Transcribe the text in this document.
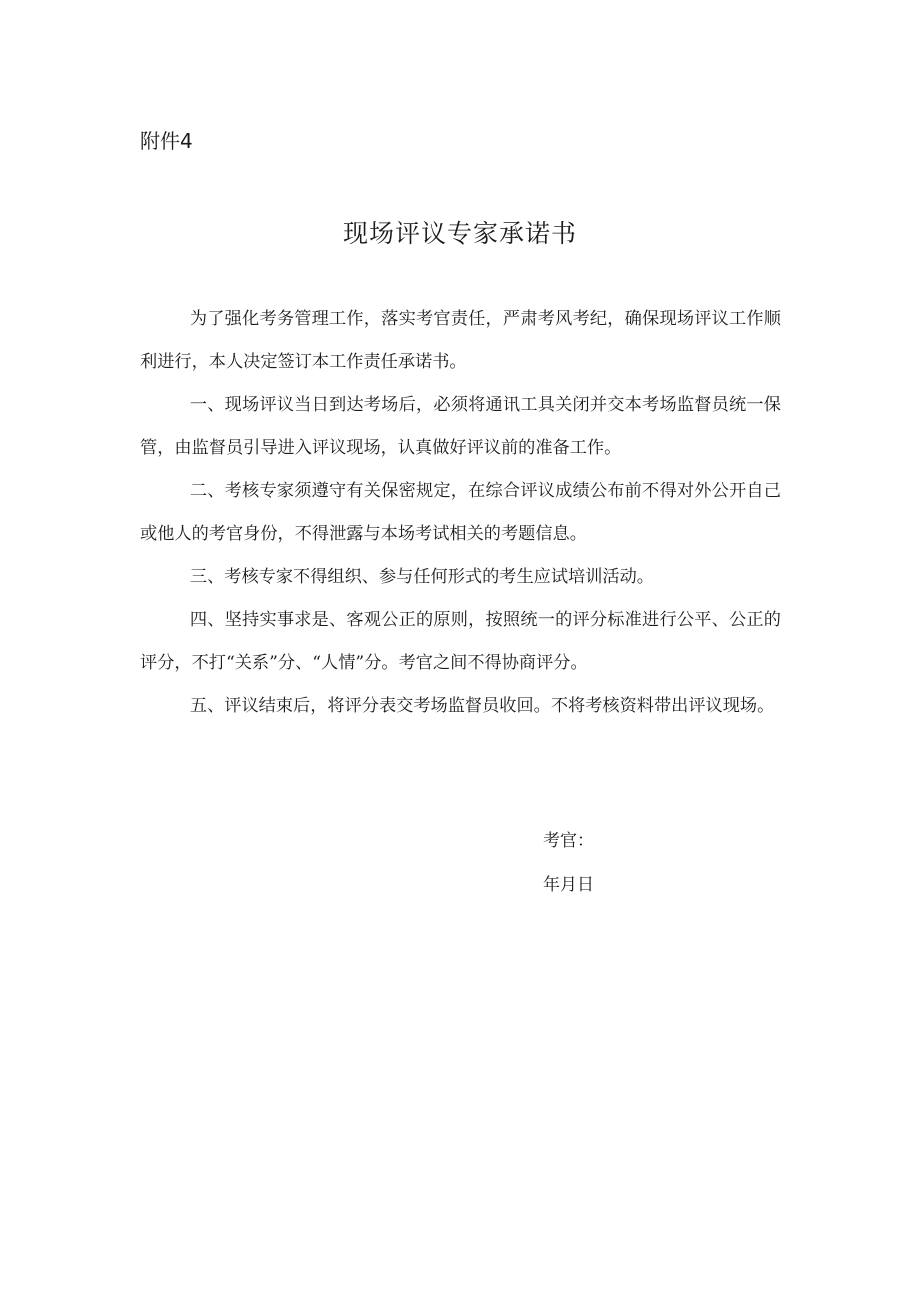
附件4
现场评议专家承诺书

为了强化考务管理工作，落实考官责任，严肃考风考纪，确保现场评议工作顺利进行，本人决定签订本工作责任承诺书。

一、现场评议当日到达考场后，必须将通讯工具关闭并交本考场监督员统一保管，由监督员引导进入评议现场，认真做好评议前的准备工作。

二、考核专家须遵守有关保密规定，在综合评议成绩公布前不得对外公开自己或他人的考官身份，不得泄露与本场考试相关的考题信息。

三、考核专家不得组织、参与任何形式的考生应试培训活动。

四、坚持实事求是、客观公正的原则，按照统一的评分标准进行公平、公正的评分，不打“关系”分、“人情”分。考官之间不得协商评分。

五、评议结束后，将评分表交考场监督员收回。不将考核资料带出评议现场。

考官：
年月日
